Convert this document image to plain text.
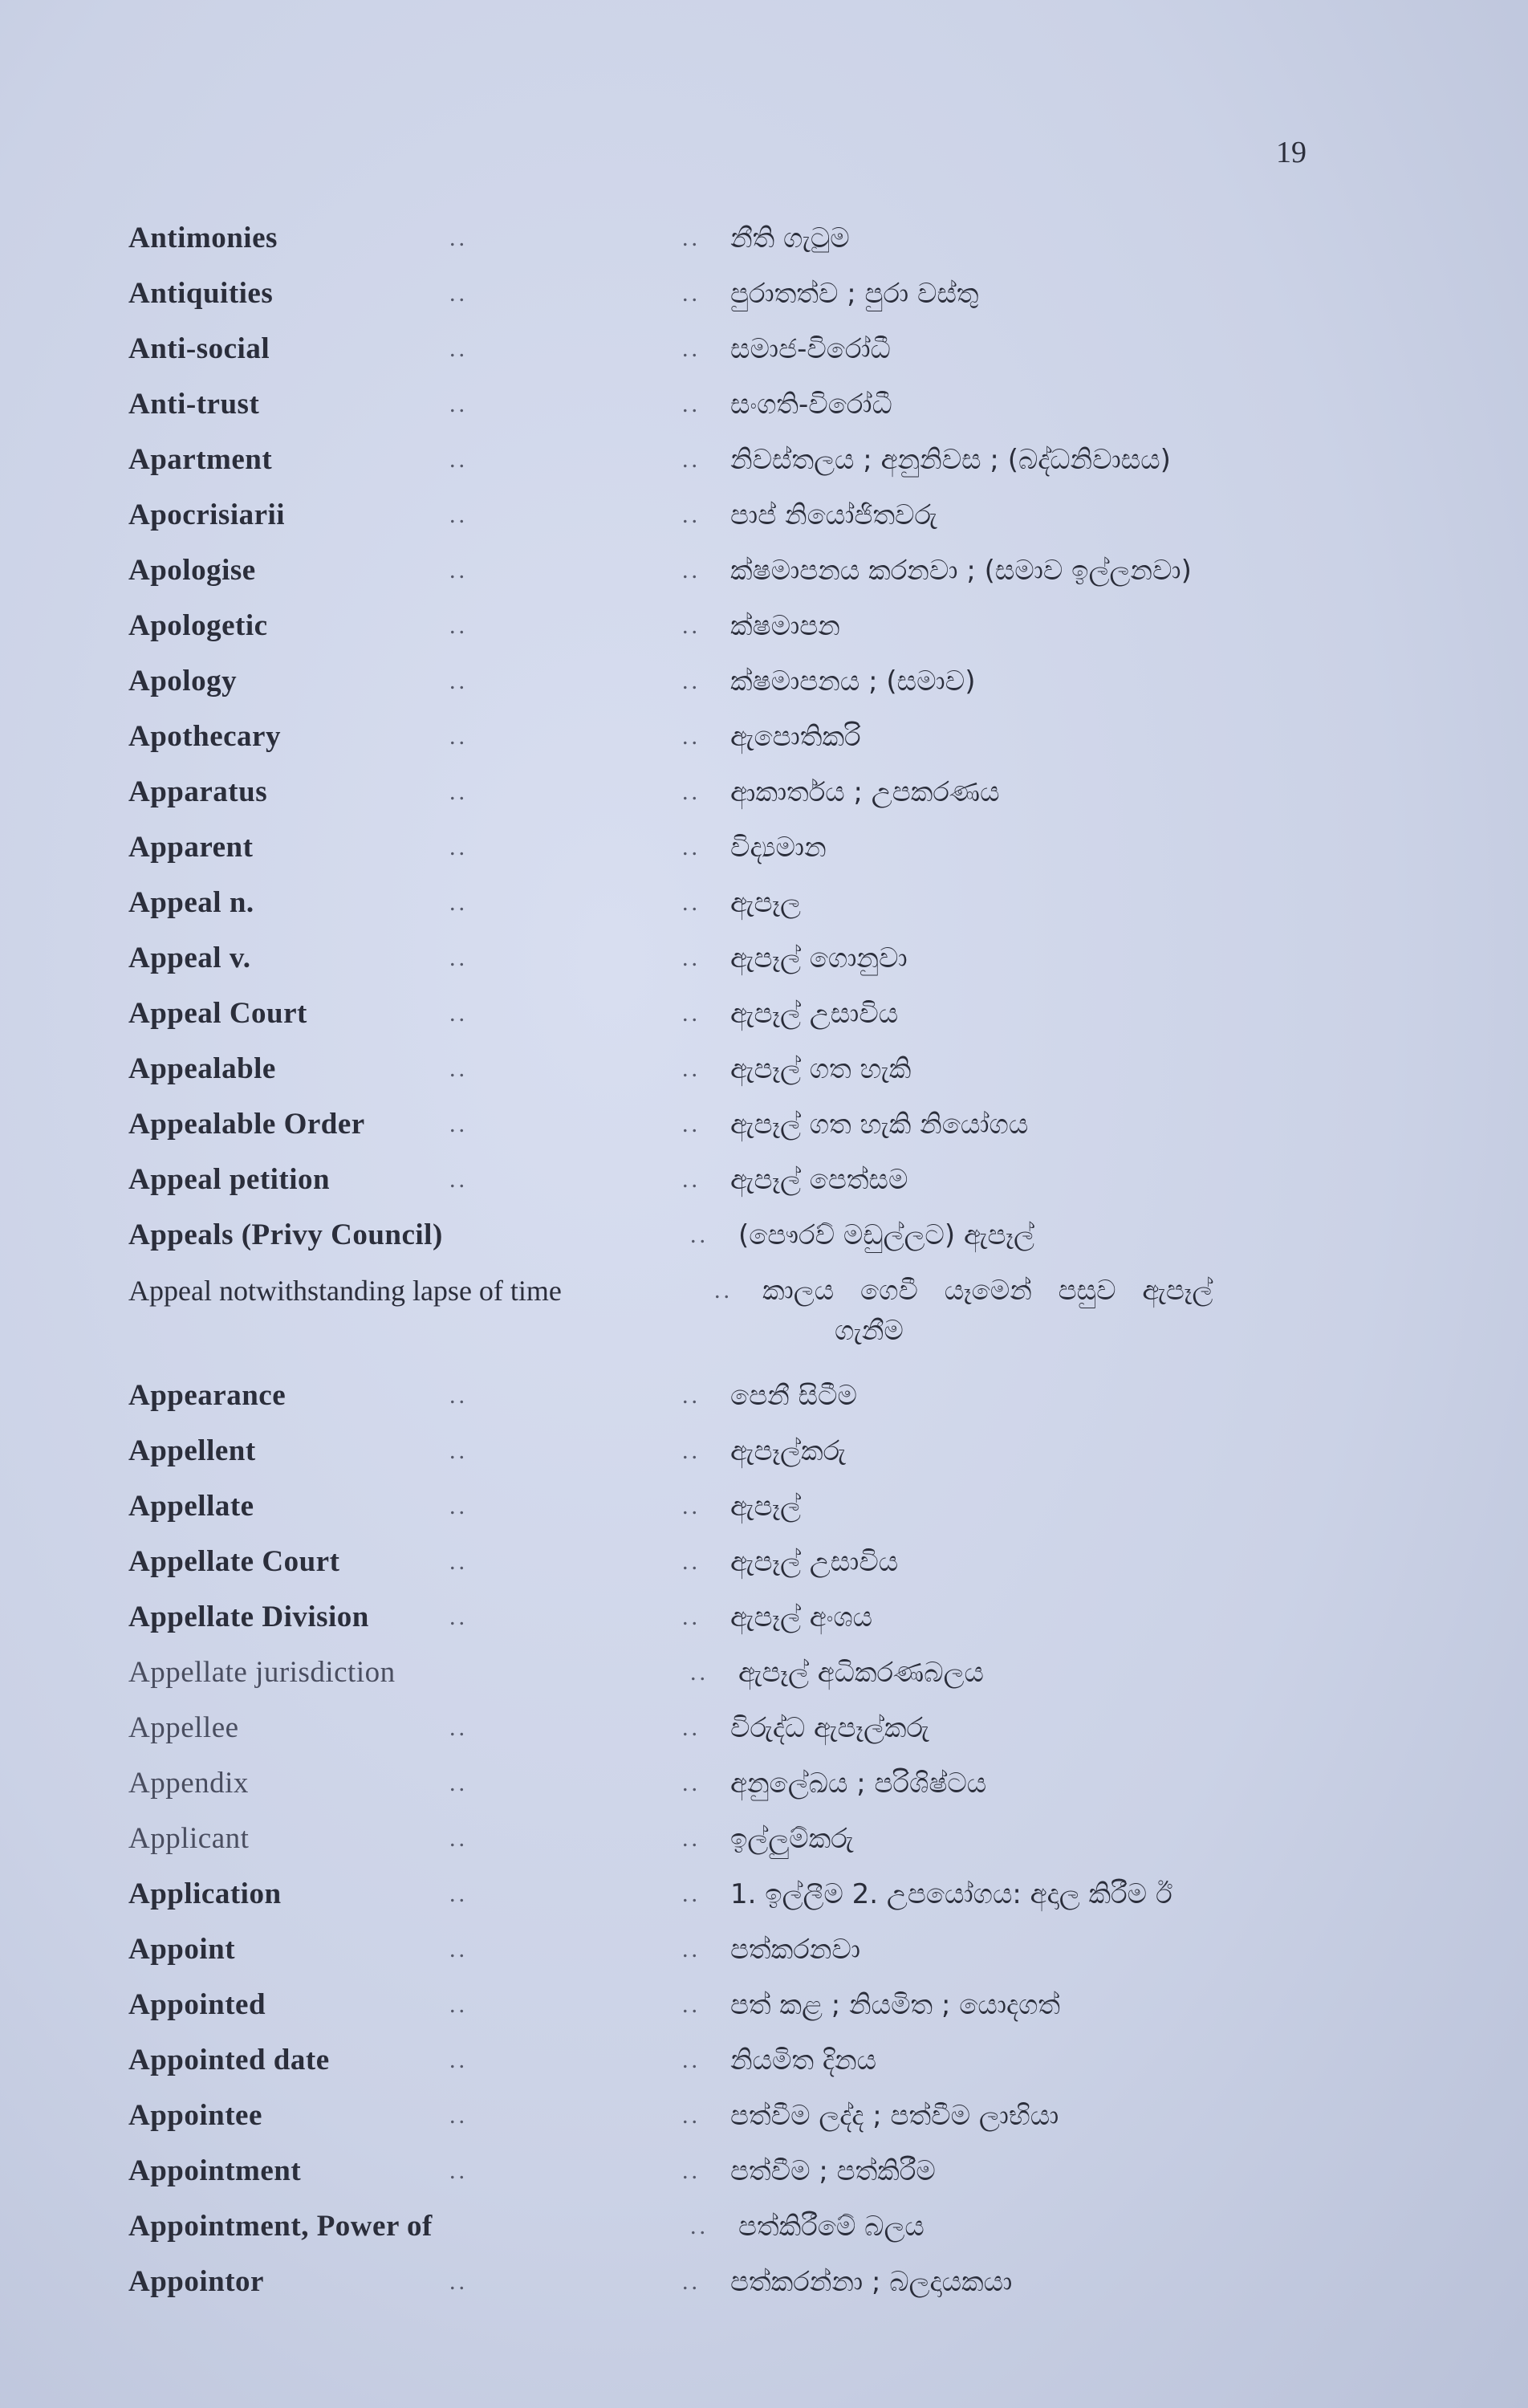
19
Antimonies	..	..	නීති ගැටුම
Antiquities	..	..	පුරාතත්ව ; පුරා වස්තු
Anti-social	..	..	සමාජ-විරෝධී
Anti-trust	..	..	සංගති-විරෝධී
Apartment	..	..	නිවස්තලය ; අනුනිවස ; (බද්ධනිවාසය)
Apocrisiarii	..	..	පාප් නියෝජිතවරු
Apologise	..	..	ක්ෂමාපනය කරනවා ; (සමාව ඉල්ලනවා)
Apologetic	..	..	ක්ෂමාපන
Apology	..	..	ක්ෂමාපනය ; (සමාව)
Apothecary	..	..	ඇපොතිකරි
Apparatus	..	..	ආකාර්තය ; උපකරණය
Apparent	..	..	විද්‍යමාන
Appeal n.	..	..	ඇපෑල
Appeal v.	..	..	ඇපෑල් ගොනුවා
Appeal Court	..	..	ඇපෑල් උසාවිය
Appealable	..	..	ඇපෑල් ගත හැකි
Appealable Order	..	..	ඇපෑල් ගත හැකි නියෝගය
Appeal petition	..	..	ඇපෑල් පෙත්සම
Appeals (Privy Council)	..	(පෞරව් මඩුල්ලට) ඇපෑල්
Appeal notwithstanding lapse of time	..	කාලය ගෙවී යෑමෙන් පසුව ඇපෑල්
ගැනීම
Appearance	..	..	පෙනී සිටීම
Appellent	..	..	ඇපෑල්කරු
Appellate	..	..	ඇපෑල්
Appellate Court	..	..	ඇපෑල් උසාවිය
Appellate Division	..	..	ඇපෑල් අංශය
Appellate jurisdiction	..	ඇපෑල් අධිකරණබලය
Appellee	..	..	විරුද්ධ ඇපෑල්කරු
Appendix	..	..	අනුලේඛය ; පරිශිෂ්ටය
Applicant	..	..	ඉල්ලුම්කරු
Application	..	..	1. ඉල්ලීම 2. උපයෝගය: අදාල කිරීම ඊ
Appoint	..	..	පත්කරනවා
Appointed	..	..	පත් කළ ; නියමිත ; යොදගත්
Appointed date	..	..	නියමිත දිනය
Appointee	..	..	පත්වීම ලද්ද ; පත්වීම ලාභියා
Appointment	..	..	පත්වීම ; පත්කිරීම
Appointment, Power of	..	පත්කිරීමේ බලය
Appointor	..	..	පත්කරන්නා ; බලදායකයා
